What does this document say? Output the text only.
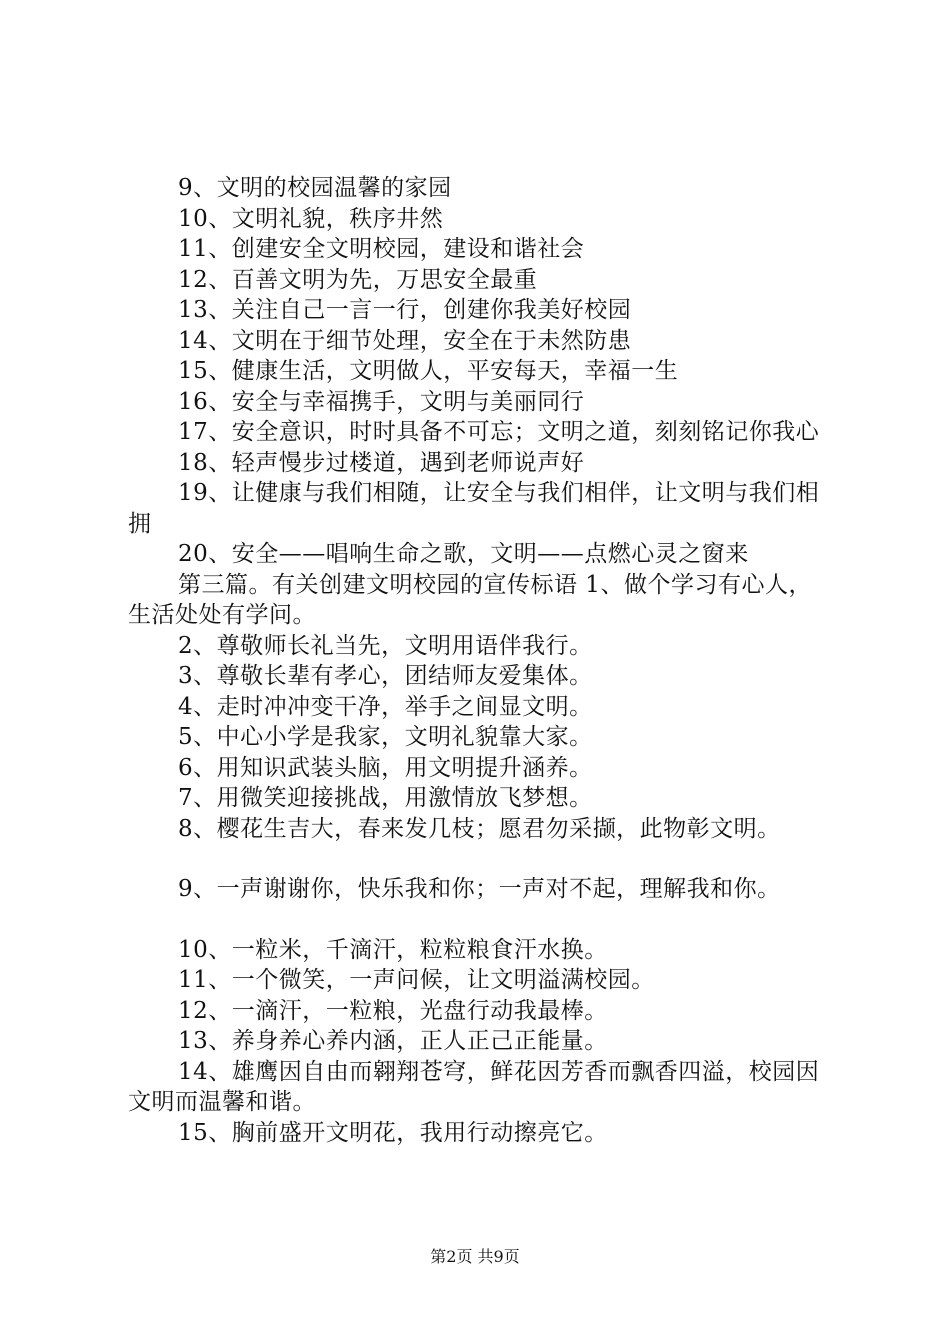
9、文明的校园温馨的家园

10、文明礼貌，秩序井然

11、创建安全文明校园，建设和谐社会

12、百善文明为先，万思安全最重

13、关注自己一言一行，创建你我美好校园

14、文明在于细节处理，安全在于未然防患

15、健康生活，文明做人，平安每天，幸福一生

16、安全与幸福携手，文明与美丽同行

17、安全意识，时时具备不可忘；文明之道，刻刻铭记你我心

18、轻声慢步过楼道，遇到老师说声好

19、让健康与我们相随，让安全与我们相伴，让文明与我们相拥

20、安全——唱响生命之歌，文明——点燃心灵之窗来

第三篇。有关创建文明校园的宣传标语 1、做个学习有心人，生活处处有学问。

2、尊敬师长礼当先，文明用语伴我行。

3、尊敬长辈有孝心，团结师友爱集体。

4、走时冲冲变干净，举手之间显文明。

5、中心小学是我家，文明礼貌靠大家。

6、用知识武装头脑，用文明提升涵养。

7、用微笑迎接挑战，用激情放飞梦想。

8、樱花生吉大，春来发几枝；愿君勿采撷，此物彰文明。

9、一声谢谢你，快乐我和你；一声对不起，理解我和你。

10、一粒米，千滴汗，粒粒粮食汗水换。

11、一个微笑，一声问候，让文明溢满校园。

12、一滴汗，一粒粮，光盘行动我最棒。

13、养身养心养内涵，正人正己正能量。

14、雄鹰因自由而翱翔苍穹，鲜花因芳香而飘香四溢，校园因文明而温馨和谐。

15、胸前盛开文明花，我用行动擦亮它。

第2页 共9页
